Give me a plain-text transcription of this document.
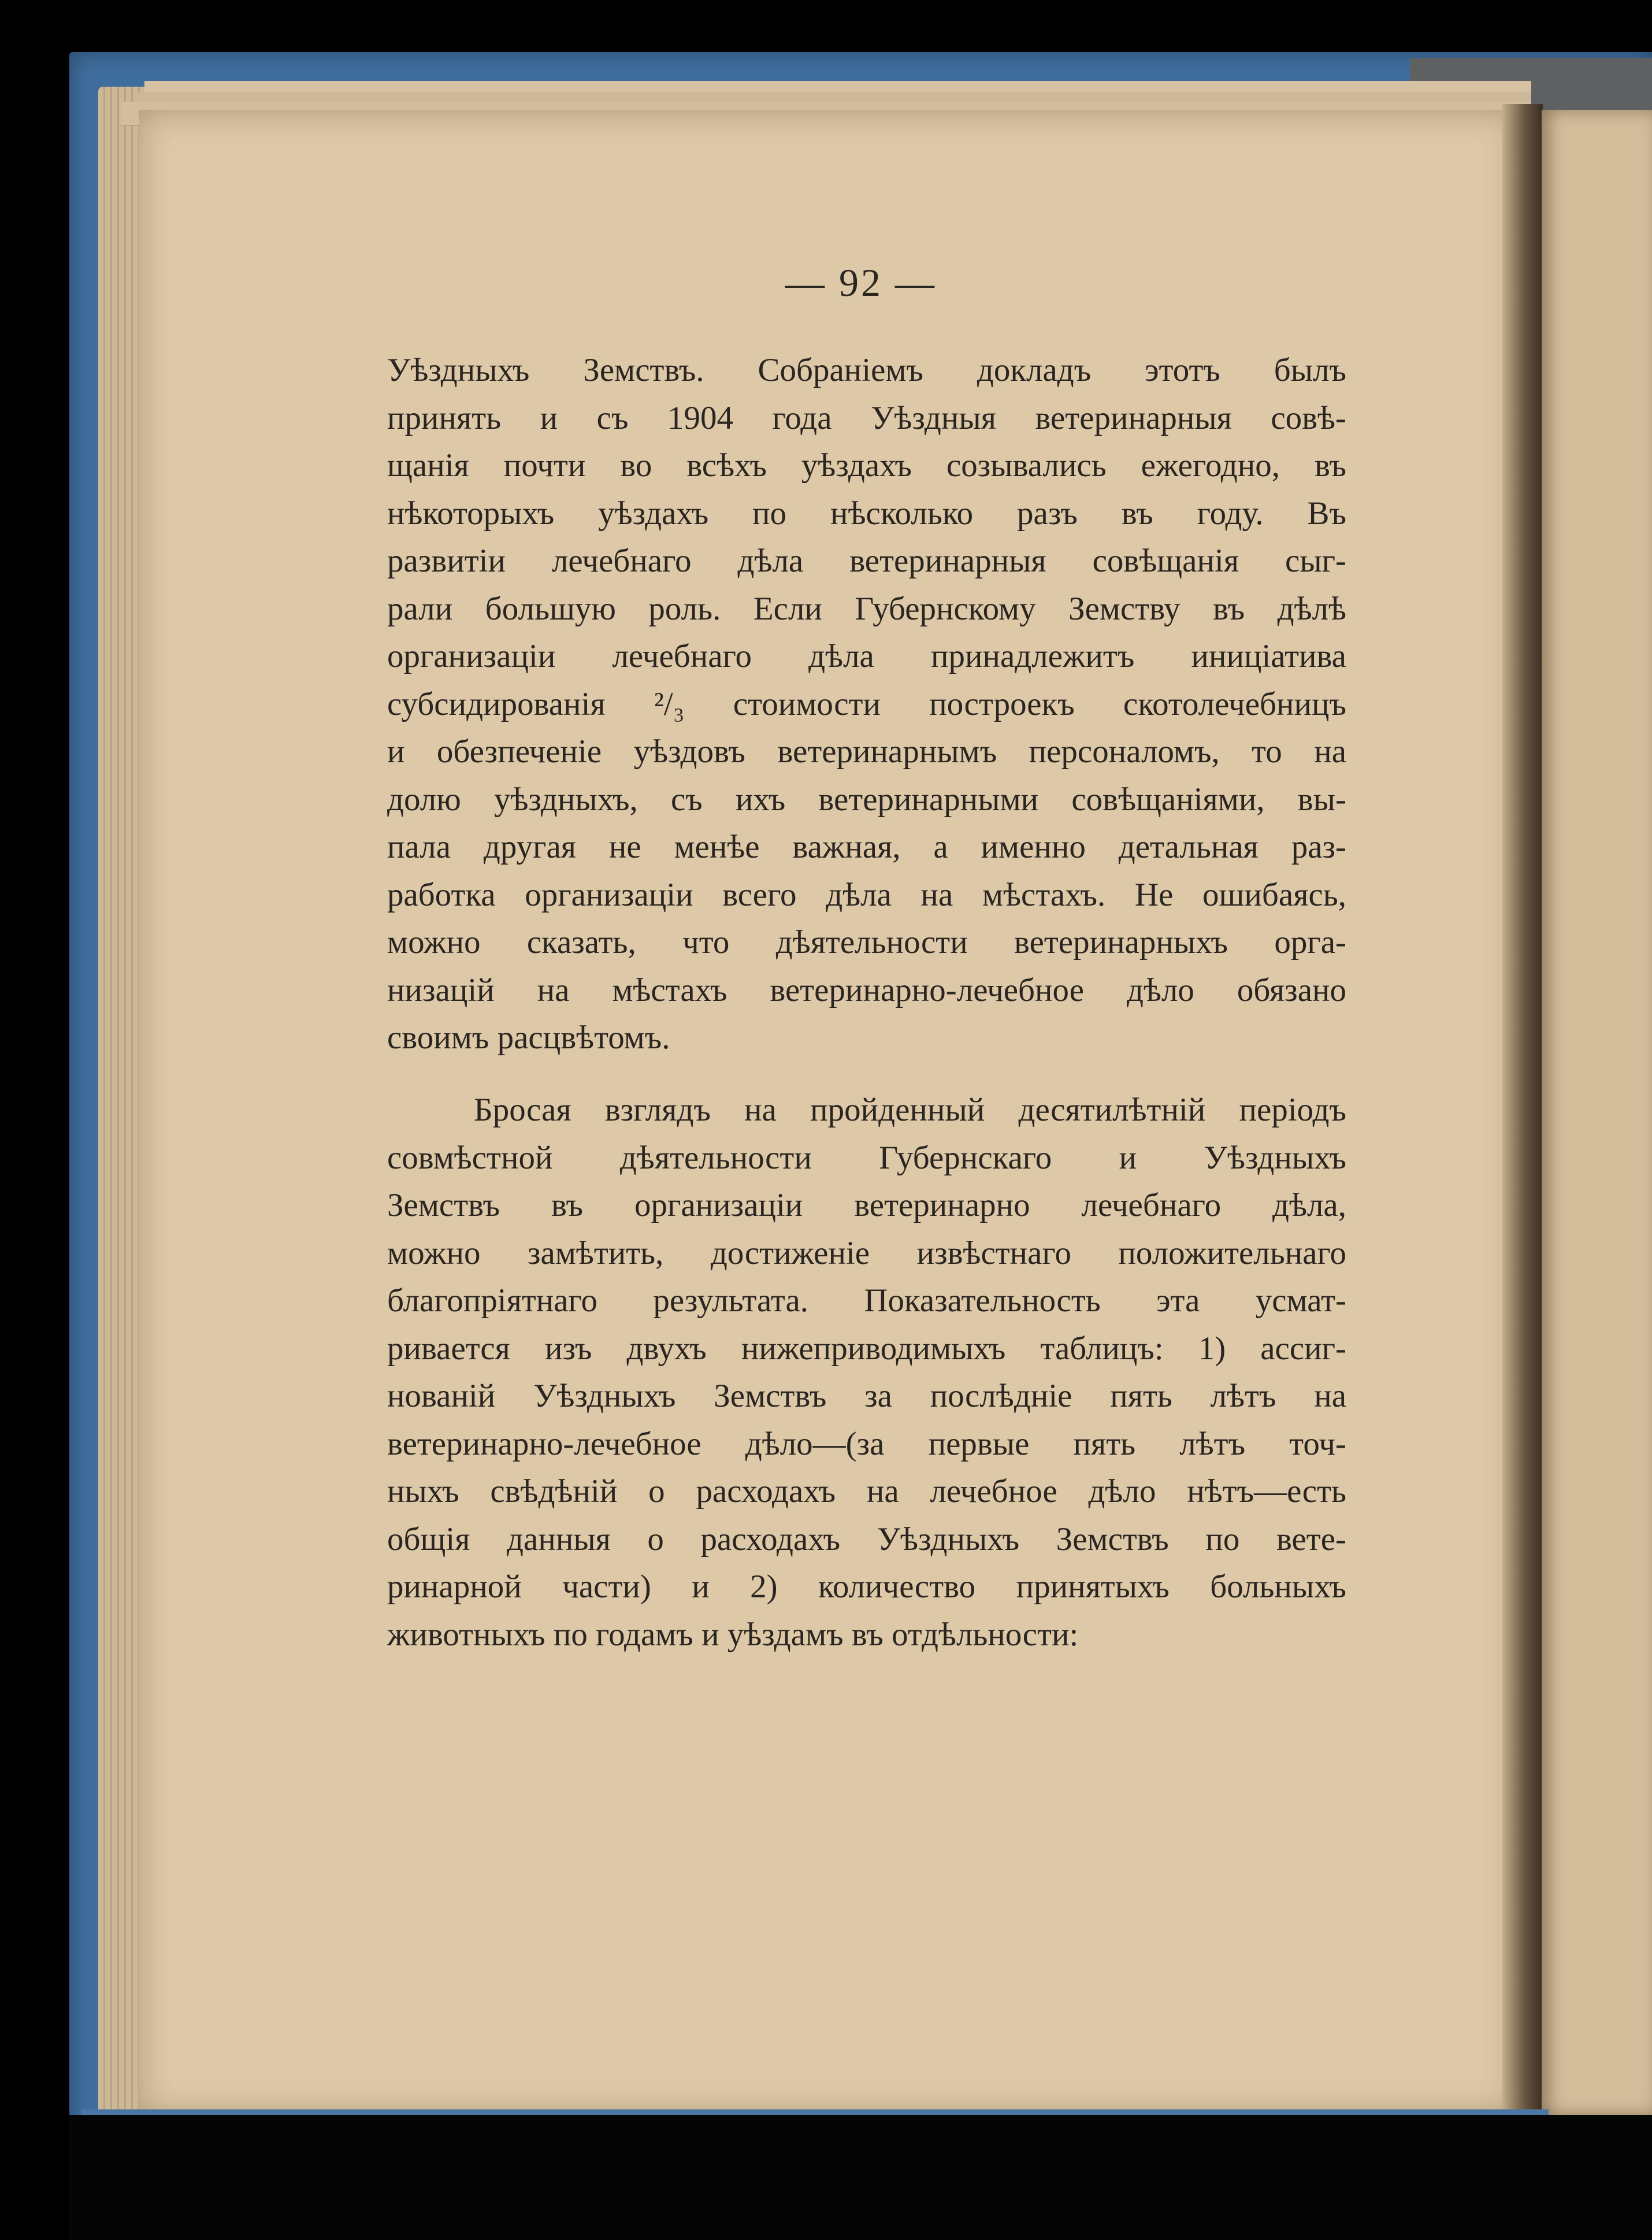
— 92 —
Уѣздныхъ Земствъ. Собраніемъ докладъ этотъ былъ
принять и съ 1904 года Уѣздныя ветеринарныя совѣ-
щанія почти во всѣхъ уѣздахъ созывались ежегодно, въ
нѣкоторыхъ уѣздахъ по нѣсколько разъ въ году. Въ
развитіи лечебнаго дѣла ветеринарныя совѣщанія сыг-
рали большую роль. Если Губернскому Земству въ дѣлѣ
организаціи лечебнаго дѣла принадлежитъ иниціатива
субсидированія ²/₃ стоимости построекъ скотолечебницъ
и обезпеченіе уѣздовъ ветеринарнымъ персоналомъ, то на
долю уѣздныхъ, съ ихъ ветеринарными совѣщаніями, вы-
пала другая не менѣе важная, а именно детальная раз-
работка организаціи всего дѣла на мѣстахъ. Не ошибаясь,
можно сказать, что дѣятельности ветеринарныхъ орга-
низацій на мѣстахъ ветеринарно-лечебное дѣло обязано
своимъ расцвѣтомъ.
Бросая взглядъ на пройденный десятилѣтній періодъ
совмѣстной дѣятельности Губернскаго и Уѣздныхъ
Земствъ въ организаціи ветеринарно лечебнаго дѣла,
можно замѣтить, достиженіе извѣстнаго положительнаго
благопріятнаго результата. Показательность эта усмат-
ривается изъ двухъ нижеприводимыхъ таблицъ: 1) ассиг-
нованій Уѣздныхъ Земствъ за послѣдніе пять лѣтъ на
ветеринарно-лечебное дѣло—(за первые пять лѣтъ точ-
ныхъ свѣдѣній о расходахъ на лечебное дѣло нѣтъ—есть
общія данныя о расходахъ Уѣздныхъ Земствъ по вете-
ринарной части) и 2) количество принятыхъ больныхъ
животныхъ по годамъ и уѣздамъ въ отдѣльности:
